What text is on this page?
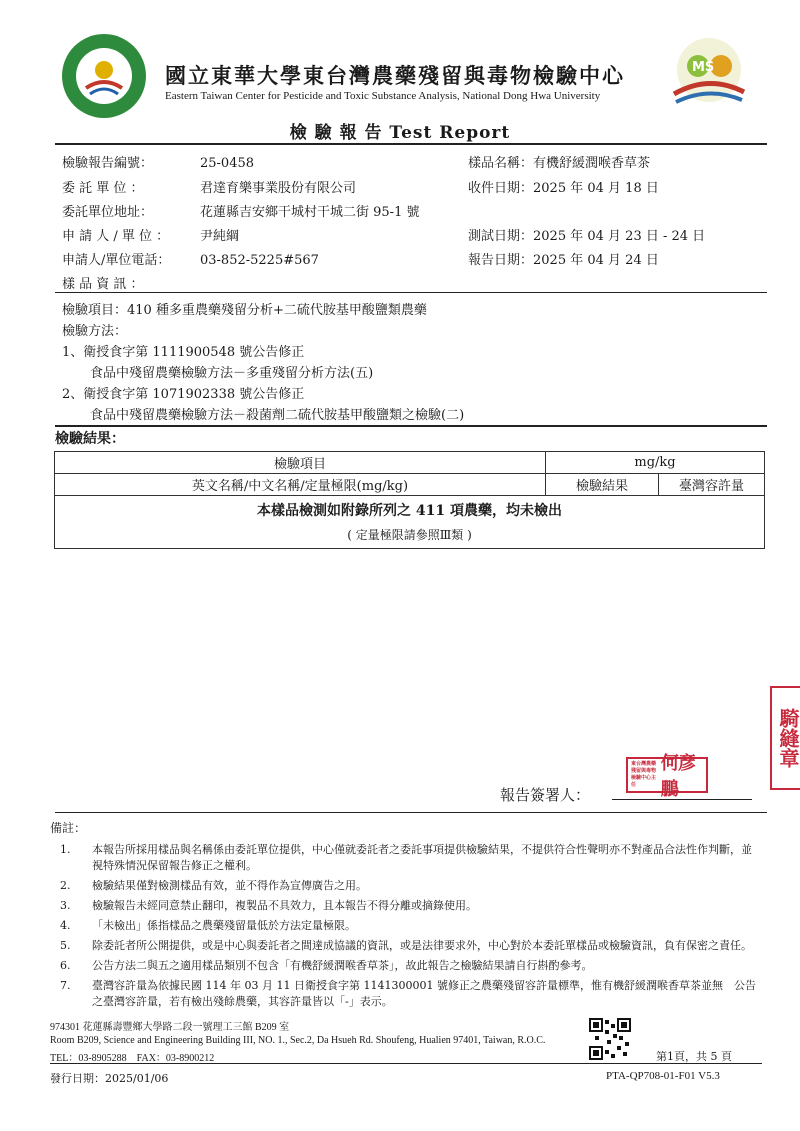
MS
國立東華大學東台灣農藥殘留與毒物檢驗中心
Eastern Taiwan Center for Pesticide and Toxic Substance Analysis, National Dong Hwa University
檢 驗 報 告 Test Report
檢驗報告編號：	25-0458
委 託 單 位 ：	君達育樂事業股份有限公司
委託單位地址：	花蓮縣吉安鄉干城村干城二街 95-1 號
申 請 人 / 單 位 ： 尹純綱
申請人/單位電話： 03-852-5225#567
樣 品 資 訊 ：
樣品名稱：有機舒緩潤喉香草茶
收件日期：2025 年 04 月 18 日
測試日期：2025 年 04 月 23 日 - 24 日
報告日期：2025 年 04 月 24 日
檢驗項目：410 種多重農藥殘留分析+二硫代胺基甲酸鹽類農藥
檢驗方法：
1、衛授食字第 1111900548 號公告修正
食品中殘留農藥檢驗方法－多重殘留分析方法(五)
2、衛授食字第 1071902338 號公告修正
食品中殘留農藥檢驗方法－殺菌劑二硫代胺基甲酸鹽類之檢驗(二)
檢驗結果：
檢驗項目	mg/kg	
英文名稱/中文名稱/定量極限(mg/kg)	檢驗結果	臺灣容許量

本樣品檢測如附錄所列之 411 項農藥，均未檢出
( 定量極限請參照Ⅲ類 )		
騎縫章
報告簽署人：
東台灣農藥殘留與毒物檢驗中心主任
何彥鵬
備註：
1. 本報告所採用樣品與名稱係由委託單位提供，中心僅就委託者之委託事項提供檢驗結果，不提供符合性聲明亦不對產品合法性作判斷，並視特殊情況保留報告修正之權利。
2. 檢驗結果僅對檢測樣品有效，並不得作為宣傳廣告之用。
3. 檢驗報告未經同意禁止翻印，複製品不具效力，且本報告不得分離或摘錄使用。
4. 「未檢出」係指樣品之農藥殘留量低於方法定量極限。
5. 除委託者所公開提供，或是中心與委託者之間達成協議的資訊，或是法律要求外，中心對於本委託單樣品或檢驗資訊，負有保密之責任。
6. 公告方法二與五之適用樣品類別不包含「有機舒緩潤喉香草茶」，故此報告之檢驗結果請自行斟酌參考。
7. 臺灣容許量為依據民國 114 年 03 月 11 日衛授食字第 1141300001 號修正之農藥殘留容許量標準，惟有機舒緩潤喉香草茶並無　公告 之臺灣容許量，若有檢出殘餘農藥，其容許量皆以「-」表示。
974301 花蓮縣壽豐鄉大學路二段一號理工三館 B209 室
Room B209, Science and Engineering Building III, NO. 1., Sec.2, Da Hsueh Rd. Shoufeng, Hualien 97401, Taiwan, R.O.C.
TEL：03-8905288　FAX：03-8900212	第1頁，共 5 頁
發行日期：2025/01/06	PTA-QP708-01-F01 V5.3
